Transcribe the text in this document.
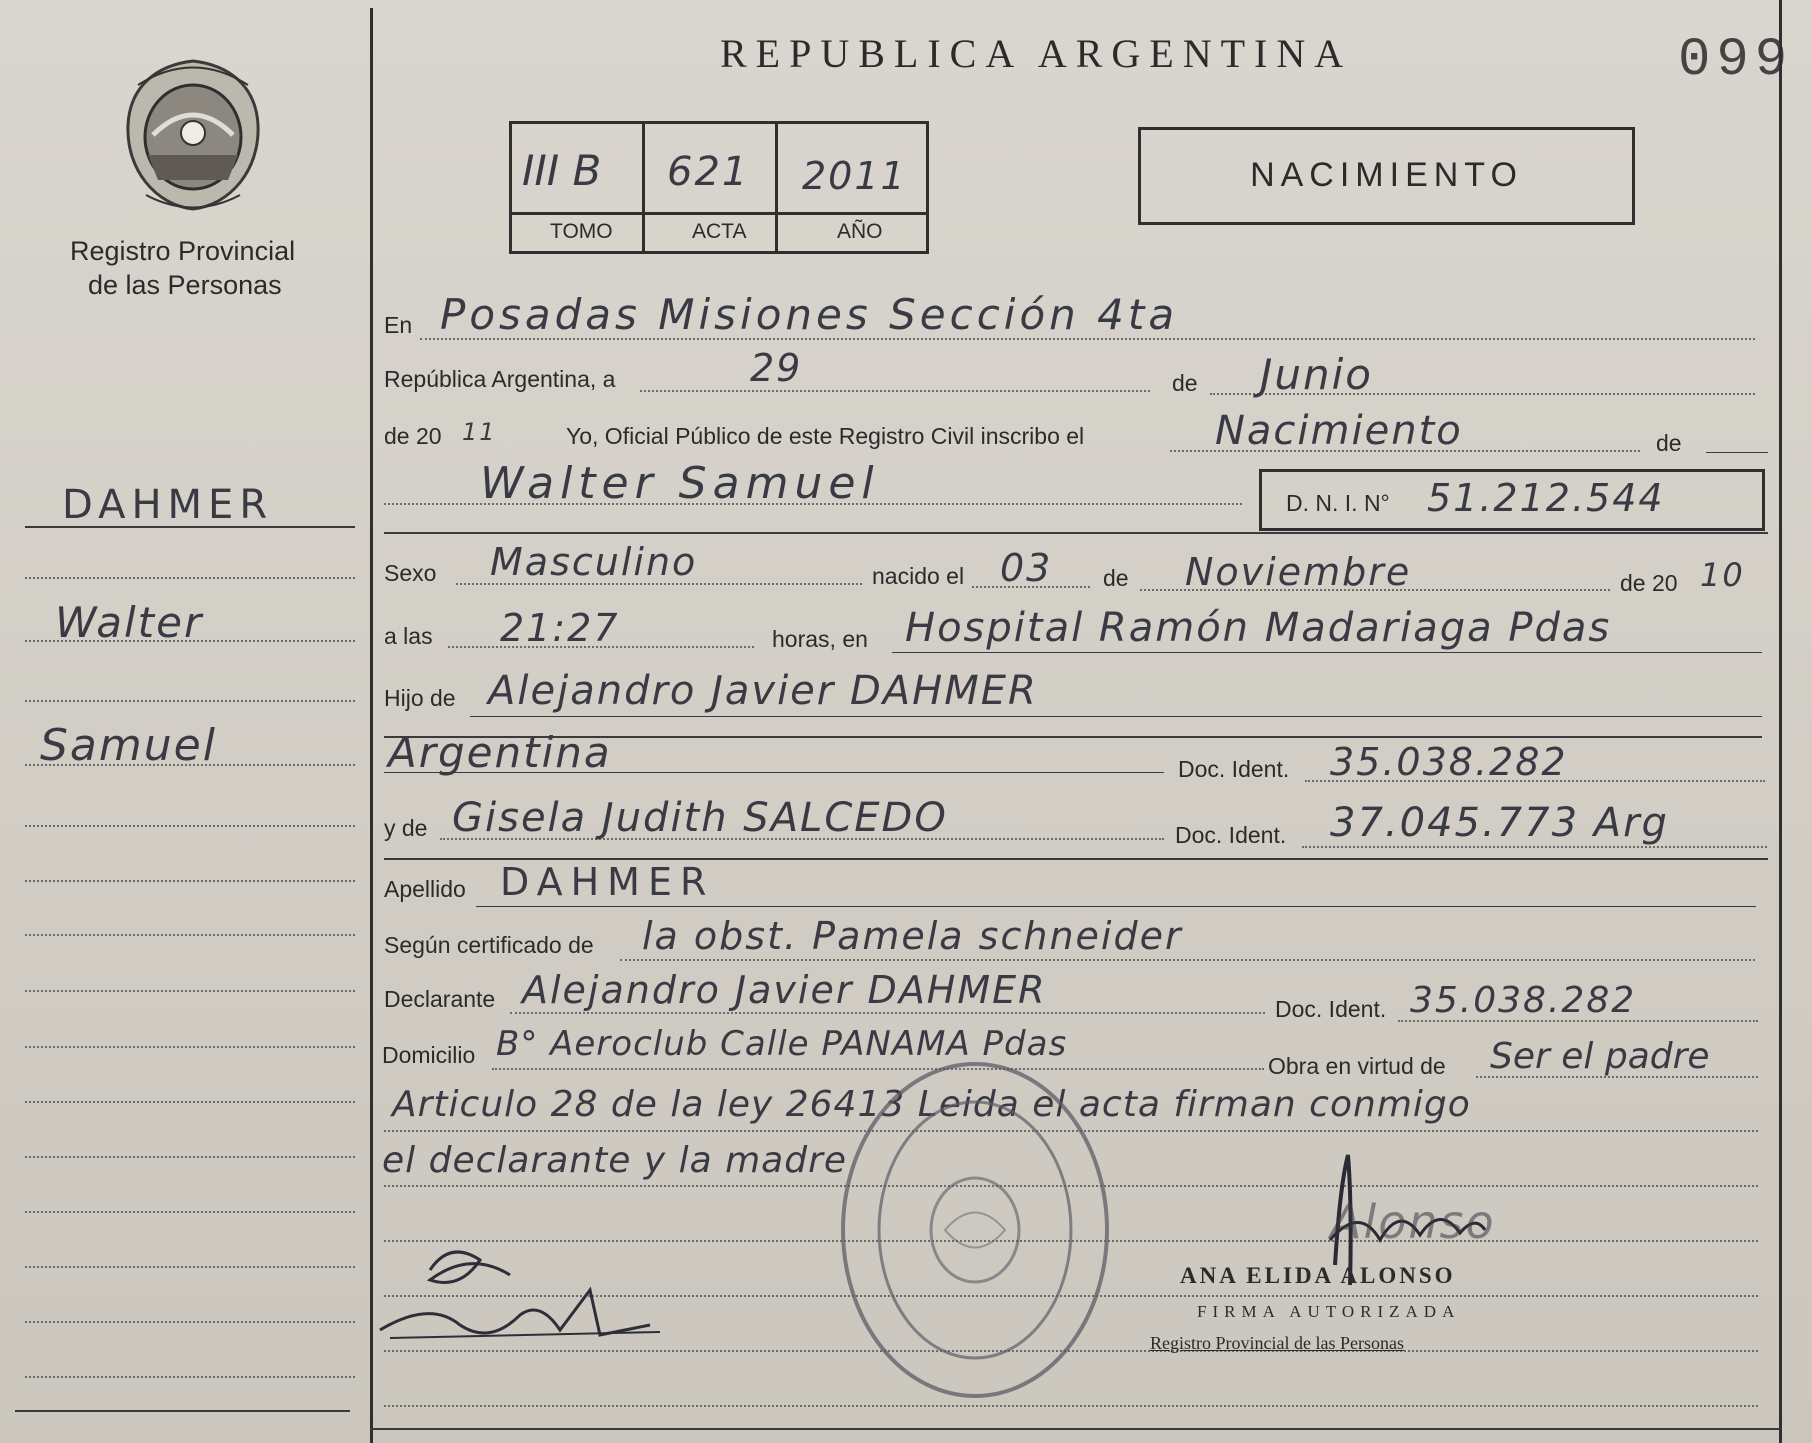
Registro Provincial
de las Personas
REPUBLICA ARGENTINA	099
III B 621 2011
TOMO	ACTA	AÑO
NACIMIENTO
DAHMER
Walter
Samuel
En Posadas Misiones Sección 4ta
República Argentina, a	29	de Junio
de 20 11	Yo, Oficial Público de este Registro Civil inscribo el	Nacimiento	de
Walter Samuel	D. N. I. N° 51.212.544
Sexo Masculino	nacido el 03 de Noviembre	de 20 10
a las 21:27	horas, en Hospital Ramón Madariaga Pdas
Hijo de Alejandro Javier DAHMER
Argentina	Doc. Ident. 35.038.282
y de Gisela Judith SALCEDO	Doc. Ident. 37.045.773 Arg
Apellido DAHMER
Según certificado de la obst. Pamela schneider
Declarante Alejandro Javier DAHMER	Doc. Ident. 35.038.282
Domicilio B° Aeroclub Calle PANAMA Pdas
Obra en virtud de Ser el padre
Articulo 28 de la ley 26413 Leida el acta firman conmigo
el declarante y la madre
Alonso
ANA ELIDA ALONSO
FIRMA AUTORIZADA
Registro Provincial de las Personas
